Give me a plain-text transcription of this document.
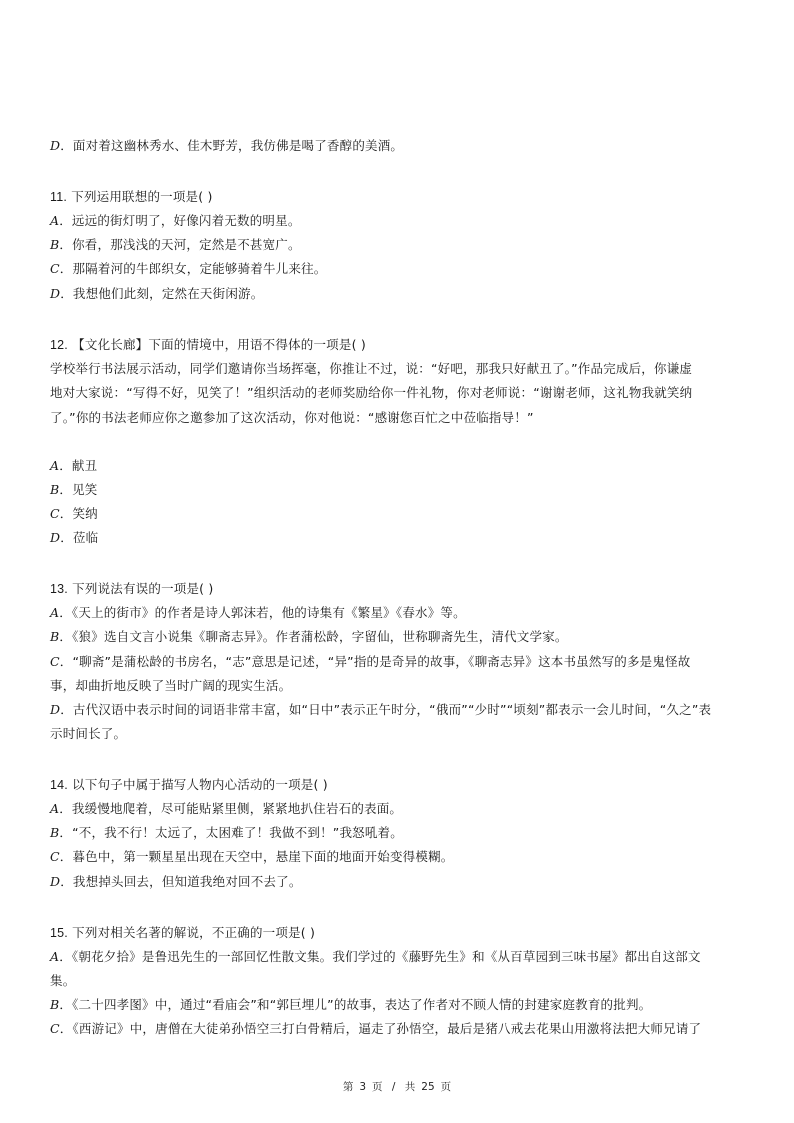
D．面对着这幽林秀水、佳木野芳，我仿佛是喝了香醇的美酒。
11. 下列运用联想的一项是( )
A．远远的街灯明了，好像闪着无数的明星。
B．你看，那浅浅的天河，定然是不甚宽广。
C．那隔着河的牛郎织女，定能够骑着牛儿来往。
D．我想他们此刻，定然在天街闲游。
12. 【文化长廊】下面的情境中，用语不得体的一项是( )
学校举行书法展示活动，同学们邀请你当场挥毫，你推让不过，说：“好吧，那我只好献丑了。”作品完成后，你谦虚
地对大家说：“写得不好，见笑了！”组织活动的老师奖励给你一件礼物，你对老师说：“谢谢老师，这礼物我就笑纳
了。”你的书法老师应你之邀参加了这次活动，你对他说：“感谢您百忙之中莅临指导！”
A．献丑
B．见笑
C．笑纳
D．莅临
13. 下列说法有误的一项是( )
A．《天上的街市》的作者是诗人郭沫若，他的诗集有《繁星》《春水》等。
B．《狼》选自文言小说集《聊斋志异》。作者蒲松龄，字留仙，世称聊斋先生，清代文学家。
C．“聊斋”是蒲松龄的书房名，“志”意思是记述，“异”指的是奇异的故事，《聊斋志异》这本书虽然写的多是鬼怪故
事，却曲折地反映了当时广阔的现实生活。
D．古代汉语中表示时间的词语非常丰富，如“日中”表示正午时分，“俄而”“少时”“顷刻”都表示一会儿时间，“久之”表
示时间长了。
14. 以下句子中属于描写人物内心活动的一项是( )
A．我缓慢地爬着，尽可能贴紧里侧，紧紧地扒住岩石的表面。
B．“不，我不行！太远了，太困难了！我做不到！”我怒吼着。
C．暮色中，第一颗星星出现在天空中，悬崖下面的地面开始变得模糊。
D．我想掉头回去，但知道我绝对回不去了。
15. 下列对相关名著的解说，不正确的一项是( )
A．《朝花夕拾》是鲁迅先生的一部回忆性散文集。我们学过的《藤野先生》和《从百草园到三味书屋》都出自这部文
集。
B．《二十四孝图》中，通过“看庙会”和“郭巨埋儿”的故事，表达了作者对不顾人情的封建家庭教育的批判。
C．《西游记》中，唐僧在大徒弟孙悟空三打白骨精后，逼走了孙悟空，最后是猪八戒去花果山用激将法把大师兄请了
第 3 页 / 共 25 页
